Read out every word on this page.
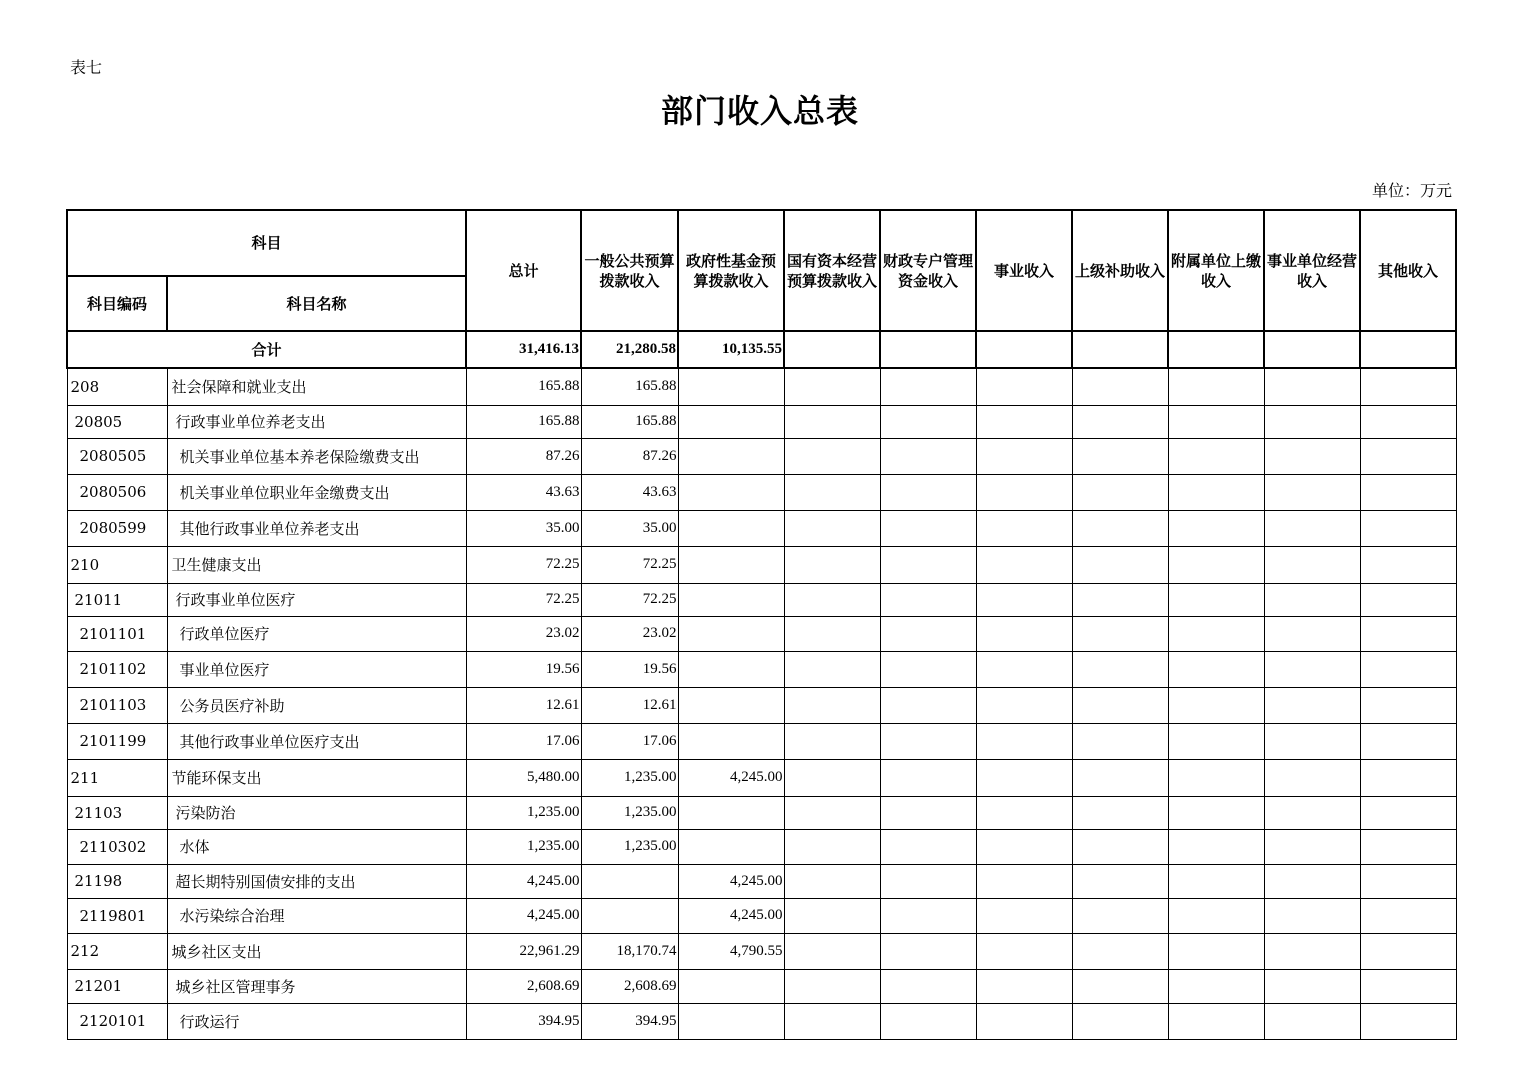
表七
部门收入总表
单位：万元
科目		总计	一般公共预算拨款收入	政府性基金预算拨款收入	国有资本经营预算拨款收入	财政专户管理资金收入	事业收入	上级补助收入	附属单位上缴收入	事业单位经营收入	其他收入
科目编码	科目名称										
合计		31,416.13	21,280.58	10,135.55							
208	社会保障和就业支出	165.88	165.88								
20805	行政事业单位养老支出	165.88	165.88								
2080505	机关事业单位基本养老保险缴费支出	87.26	87.26								
2080506	机关事业单位职业年金缴费支出	43.63	43.63								
2080599	其他行政事业单位养老支出	35.00	35.00								
210	卫生健康支出	72.25	72.25								
21011	行政事业单位医疗	72.25	72.25								
2101101	行政单位医疗	23.02	23.02								
2101102	事业单位医疗	19.56	19.56								
2101103	公务员医疗补助	12.61	12.61								
2101199	其他行政事业单位医疗支出	17.06	17.06								
211	节能环保支出	5,480.00	1,235.00	4,245.00							
21103	污染防治	1,235.00	1,235.00								
2110302	水体	1,235.00	1,235.00								
21198	超长期特别国债安排的支出	4,245.00		4,245.00							
2119801	水污染综合治理	4,245.00		4,245.00							
212	城乡社区支出	22,961.29	18,170.74	4,790.55							
21201	城乡社区管理事务	2,608.69	2,608.69								
2120101	行政运行	394.95	394.95								
